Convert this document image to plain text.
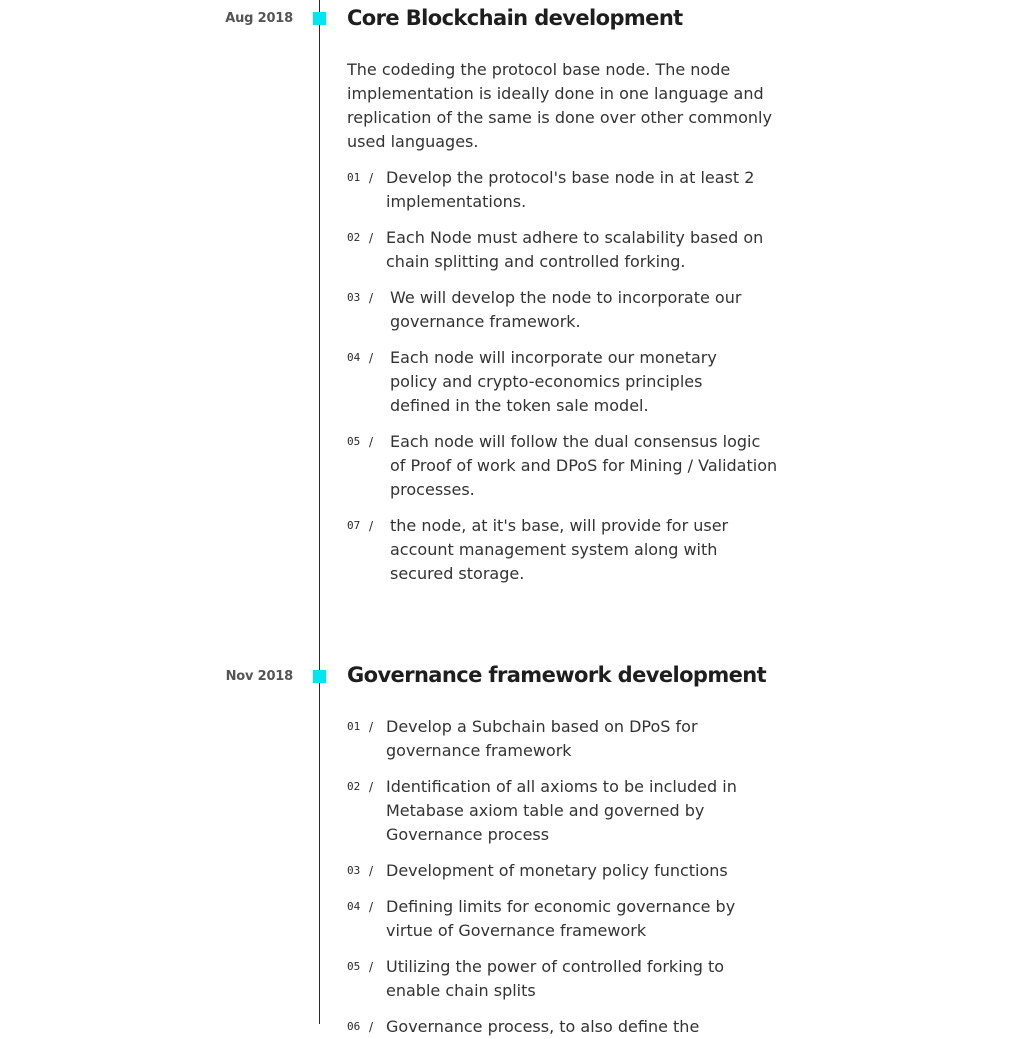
Aug 2018	Core Blockchain development

The codeding the protocol base node. The node implementation is ideally done in one language and replication of the same is done over other commonly used languages.

01 / Develop the protocol's base node in at least 2 implementations.
02 / Each Node must adhere to scalability based on chain splitting and controlled forking.
03 / We will develop the node to incorporate our governance framework.
04 / Each node will incorporate our monetary policy and crypto-economics principles defined in the token sale model.
05 / Each node will follow the dual consensus logic of Proof of work and DPoS for Mining / Validation processes.
07 / the node, at it's base, will provide for user account management system along with secured storage.
Nov 2018	Governance framework development
01 / Develop a Subchain based on DPoS for governance framework
02 / Identification of all axioms to be included in Metabase axiom table and governed by Governance process
03 / Development of monetary policy functions
04 / Defining limits for economic governance by virtue of Governance framework
05 / Utilizing the power of controlled forking to enable chain splits
06 / Governance process, to also define the
